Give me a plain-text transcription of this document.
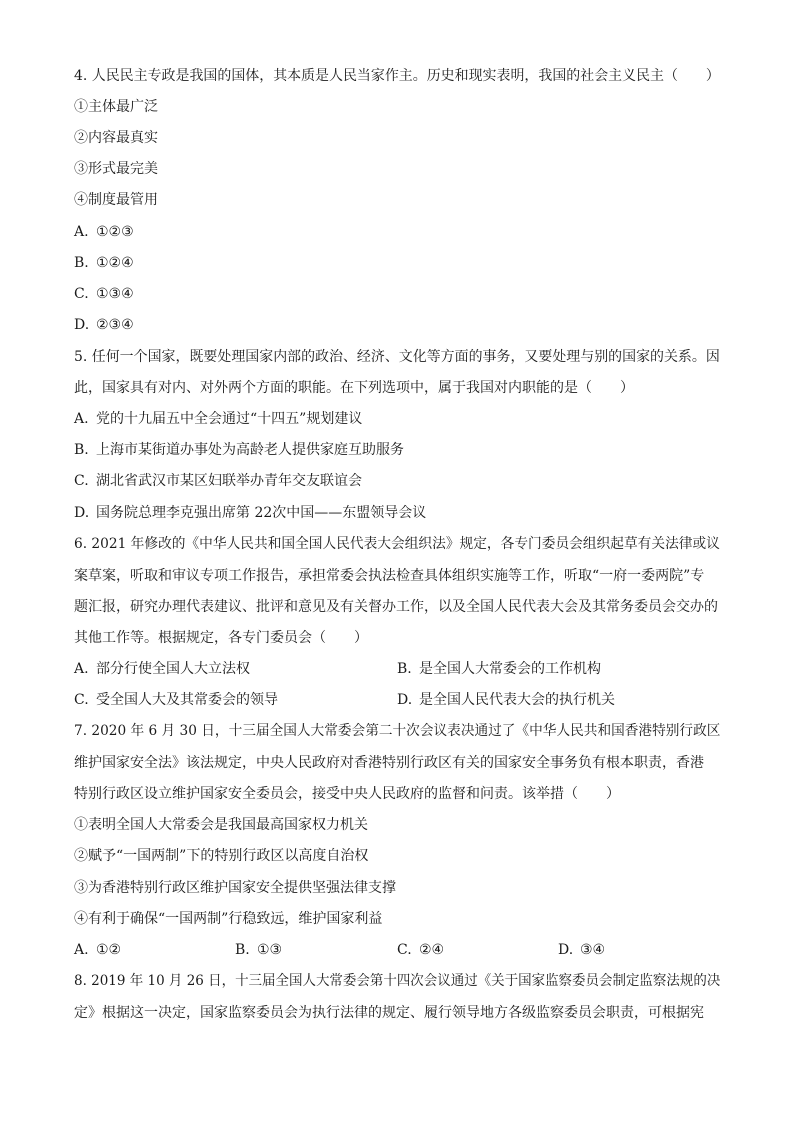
4. 人民民主专政是我国的国体，其本质是人民当家作主。历史和现实表明，我国的社会主义民主（　　）
①主体最广泛
②内容最真实
③形式最完美
④制度最管用
A. ①②③
B. ①②④
C. ①③④
D. ②③④
5. 任何一个国家，既要处理国家内部的政治、经济、文化等方面的事务，又要处理与别的国家的关系。因
此，国家具有对内、对外两个方面的职能。在下列选项中，属于我国对内职能的是（　　）
A. 党的十九届五中全会通过“十四五”规划建议
B. 上海市某街道办事处为高龄老人提供家庭互助服务
C. 湖北省武汉市某区妇联举办青年交友联谊会
D. 国务院总理李克强出席第 22次中国——东盟领导会议
6. 2021 年修改的《中华人民共和国全国人民代表大会组织法》规定，各专门委员会组织起草有关法律或议
案草案，听取和审议专项工作报告，承担常委会执法检查具体组织实施等工作，听取“一府一委两院”专
题汇报，研究办理代表建议、批评和意见及有关督办工作，以及全国人民代表大会及其常务委员会交办的
其他工作等。根据规定，各专门委员会（　　）
A. 部分行使全国人大立法权	B. 是全国人大常委会的工作机构
C. 受全国人大及其常委会的领导	D. 是全国人民代表大会的执行机关
7. 2020 年 6 月 30 日，十三届全国人大常委会第二十次会议表决通过了《中华人民共和国香港特别行政区
维护国家安全法》该法规定，中央人民政府对香港特别行政区有关的国家安全事务负有根本职责，香港
特别行政区设立维护国家安全委员会，接受中央人民政府的监督和问责。该举措（　　）
①表明全国人大常委会是我国最高国家权力机关
②赋予“一国两制”下的特别行政区以高度自治权
③为香港特别行政区维护国家安全提供坚强法律支撑
④有利于确保“一国两制”行稳致远，维护国家利益
A. ①②	B. ①③	C. ②④	D. ③④
8. 2019 年 10 月 26 日，十三届全国人大常委会第十四次会议通过《关于国家监察委员会制定监察法规的决
定》根据这一决定，国家监察委员会为执行法律的规定、履行领导地方各级监察委员会职责，可根据宪
